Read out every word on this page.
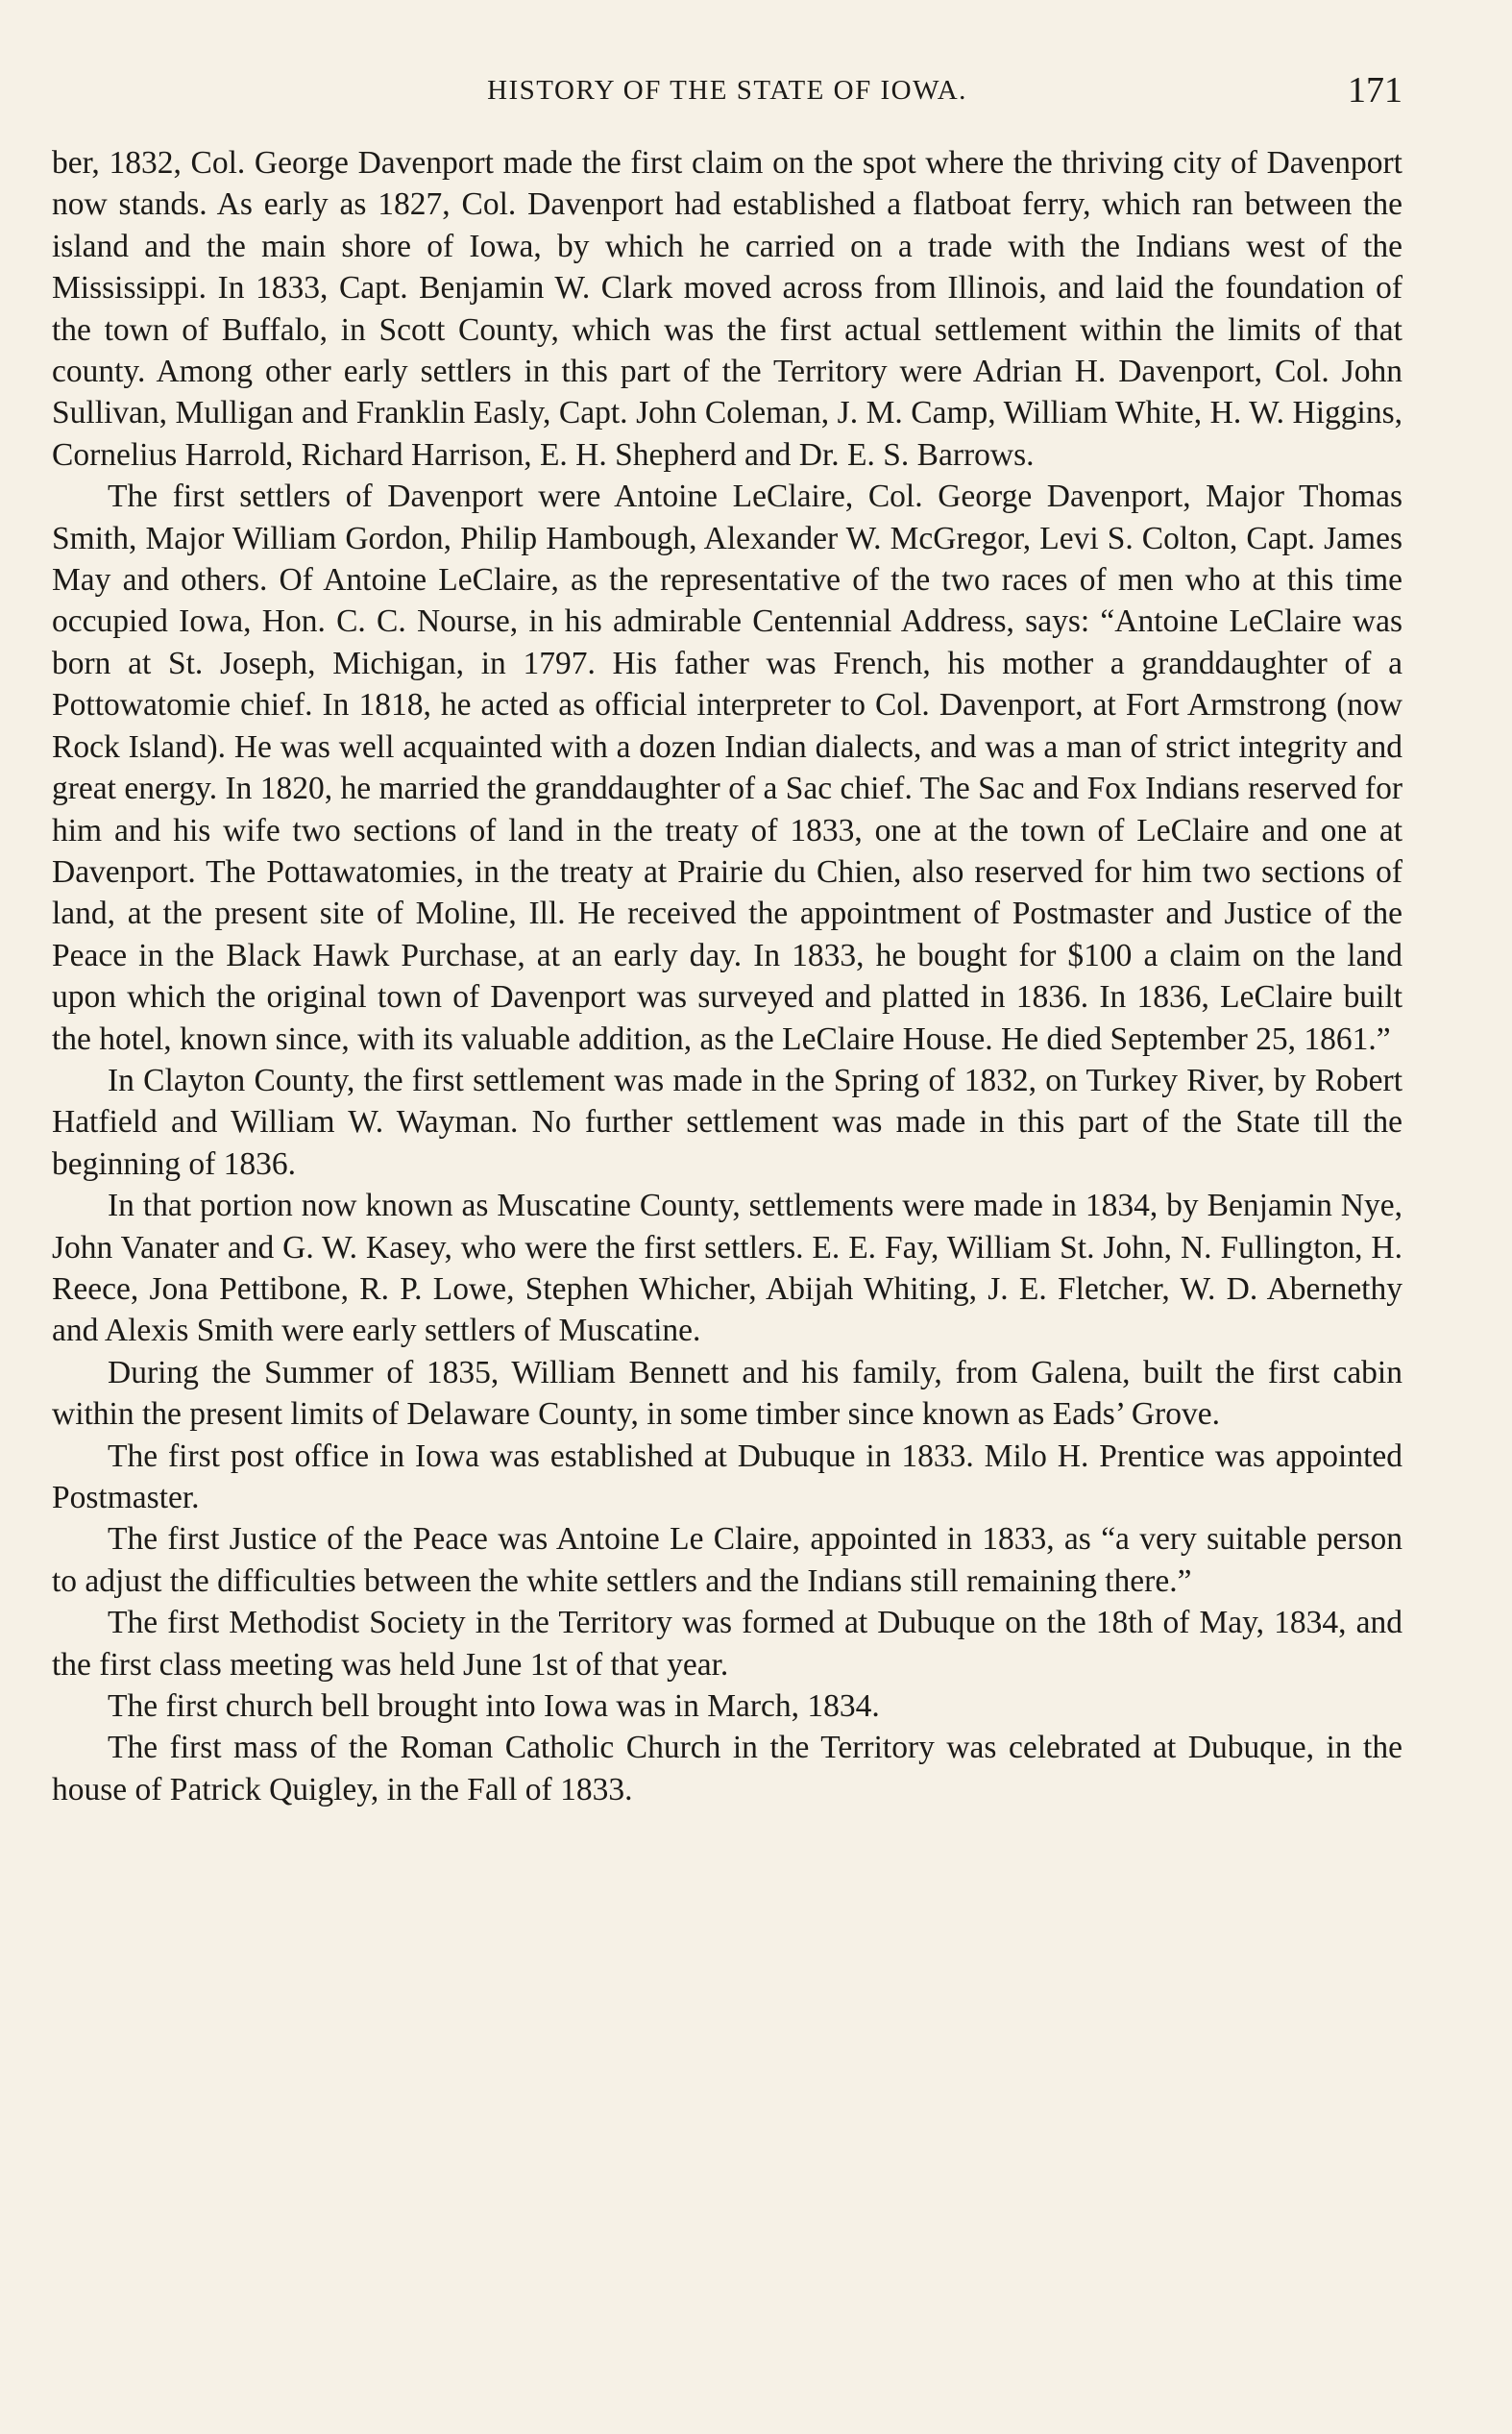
HISTORY OF THE STATE OF IOWA.	171

ber, 1832, Col. George Davenport made the first claim on the spot where the thriving city of Davenport now stands. As early as 1827, Col. Davenport had established a flatboat ferry, which ran between the island and the main shore of Iowa, by which he carried on a trade with the Indians west of the Mississippi. In 1833, Capt. Benjamin W. Clark moved across from Illinois, and laid the foundation of the town of Buffalo, in Scott County, which was the first actual settlement within the limits of that county. Among other early settlers in this part of the Territory were Adrian H. Davenport, Col. John Sullivan, Mulligan and Franklin Easly, Capt. John Coleman, J. M. Camp, William White, H. W. Higgins, Cornelius Harrold, Richard Harrison, E. H. Shepherd and Dr. E. S. Barrows.

The first settlers of Davenport were Antoine LeClaire, Col. George Davenport, Major Thomas Smith, Major William Gordon, Philip Hambough, Alexander W. McGregor, Levi S. Colton, Capt. James May and others. Of Antoine LeClaire, as the representative of the two races of men who at this time occupied Iowa, Hon. C. C. Nourse, in his admirable Centennial Address, says: “Antoine LeClaire was born at St. Joseph, Michigan, in 1797. His father was French, his mother a granddaughter of a Pottowatomie chief. In 1818, he acted as official interpreter to Col. Davenport, at Fort Armstrong (now Rock Island). He was well acquainted with a dozen Indian dialects, and was a man of strict integrity and great energy. In 1820, he married the granddaughter of a Sac chief. The Sac and Fox Indians reserved for him and his wife two sections of land in the treaty of 1833, one at the town of LeClaire and one at Davenport. The Pottawatomies, in the treaty at Prairie du Chien, also reserved for him two sections of land, at the present site of Moline, Ill. He received the appointment of Postmaster and Justice of the Peace in the Black Hawk Purchase, at an early day. In 1833, he bought for $100 a claim on the land upon which the original town of Davenport was surveyed and platted in 1836. In 1836, LeClaire built the hotel, known since, with its valuable addition, as the LeClaire House. He died September 25, 1861.”

In Clayton County, the first settlement was made in the Spring of 1832, on Turkey River, by Robert Hatfield and William W. Wayman. No further settlement was made in this part of the State till the beginning of 1836.

In that portion now known as Muscatine County, settlements were made in 1834, by Benjamin Nye, John Vanater and G. W. Kasey, who were the first settlers. E. E. Fay, William St. John, N. Fullington, H. Reece, Jona Pettibone, R. P. Lowe, Stephen Whicher, Abijah Whiting, J. E. Fletcher, W. D. Abernethy and Alexis Smith were early settlers of Muscatine.

During the Summer of 1835, William Bennett and his family, from Galena, built the first cabin within the present limits of Delaware County, in some timber since known as Eads’ Grove.

The first post office in Iowa was established at Dubuque in 1833. Milo H. Prentice was appointed Postmaster.

The first Justice of the Peace was Antoine Le Claire, appointed in 1833, as “a very suitable person to adjust the difficulties between the white settlers and the Indians still remaining there.”

The first Methodist Society in the Territory was formed at Dubuque on the 18th of May, 1834, and the first class meeting was held June 1st of that year.

The first church bell brought into Iowa was in March, 1834.

The first mass of the Roman Catholic Church in the Territory was celebrated at Dubuque, in the house of Patrick Quigley, in the Fall of 1833.
